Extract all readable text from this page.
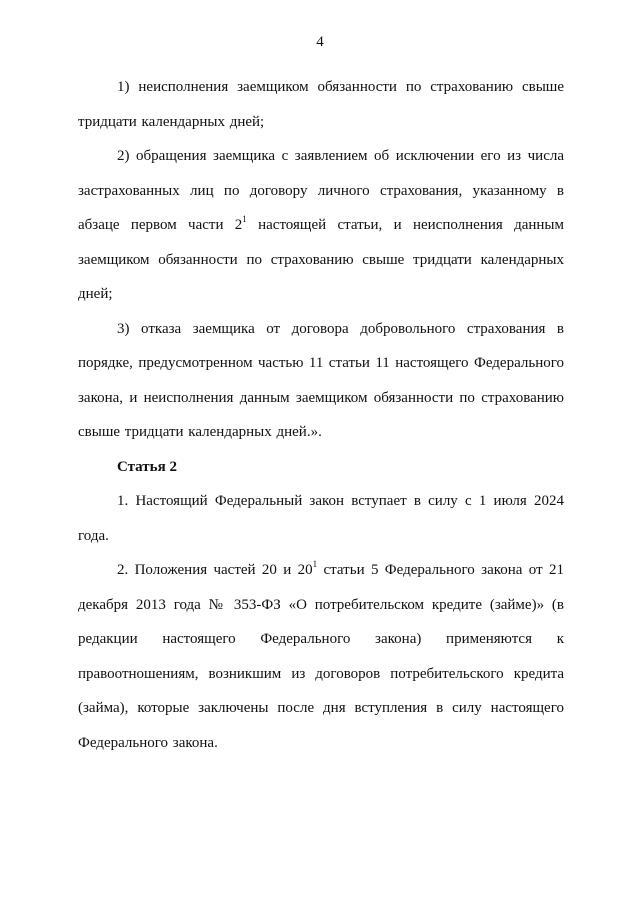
4

1) неисполнения заемщиком обязанности по страхованию свыше тридцати календарных дней;

2) обращения заемщика с заявлением об исключении его из числа застрахованных лиц по договору личного страхования, указанному в абзаце первом части $2^1$ настоящей статьи, и неисполнения данным заемщиком обязанности по страхованию свыше тридцати календарных дней;

3) отказа заемщика от договора добровольного страхования в порядке, предусмотренном частью 11 статьи 11 настоящего Федерального закона, и неисполнения данным заемщиком обязанности по страхованию свыше тридцати календарных дней.».

Статья 2

1. Настоящий Федеральный закон вступает в силу с 1 июля 2024 года.

2. Положения частей 20 и $20^1$ статьи 5 Федерального закона от 21 декабря 2013 года № 353-ФЗ «О потребительском кредите (займе)» (в редакции настоящего Федерального закона) применяются к правоотношениям, возникшим из договоров потребительского кредита (займа), которые заключены после дня вступления в силу настоящего Федерального закона.
